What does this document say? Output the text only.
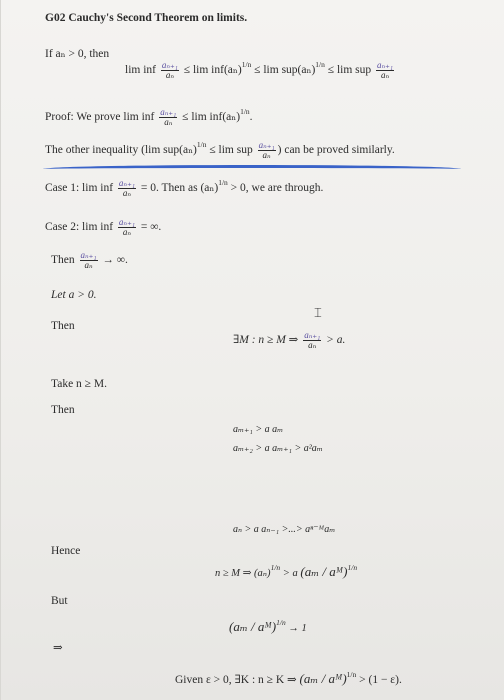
G02 Cauchy's Second Theorem on limits.
If aₙ > 0, then
lim inf $\frac{\text{aₙ₊₁}}{\text{aₙ}} \le \lim inf(a_n)^{1/n} \le \lim sup(a_n)^{1/n} \le \lim$ sup $\frac{\text{aₙ₊₁}}{\text{aₙ}}$
Proof: We prove lim inf $\frac{\text{aₙ₊₁}}{\text{aₙ}} \le \lim inf(a_n)^{1/n}$.
The other inequality (lim $sup(a_n)^{1/n} \le \lim$ sup $\frac{\text{aₙ₊₁}}{\text{aₙ}}$ ) can be proved similarly.
Case 1: lim inf $\frac{\text{aₙ₊₁}}{\text{aₙ}} = 0$. Then as $(a_n)^{1/n} > 0$, we are through.
Case 2: lim inf $\frac{\text{aₙ₊₁}}{\text{aₙ}}$ = ∞.
Then $\frac{\text{aₙ₊₁}}{\text{aₙ}}$ → ∞.
Let a > 0.
⌶
Then
∃M : n ≥ M ⇒ $\frac{\text{aₙ₊₁}}{\text{aₙ}} > a$.
Take n ≥ M.
Then
aₘ₊₁ > a aₘ
aₘ₊₂ > a aₘ₊₁ > a²aₘ
aₙ > a aₙ₋₁ >...> aⁿ⁻ᴹaₘ
Hence
n ≥ M ⇒ $(a_n)^{1/n} > a$ (aₘ / aᴹ)$^{1/n}$
But
(aₘ / aᴹ)$^{1/n}$ → 1
⇒
Given ε > 0, ∃K : n ≥ K ⇒ (aₘ / aᴹ)$^{1/n}$ > (1 − ε).
